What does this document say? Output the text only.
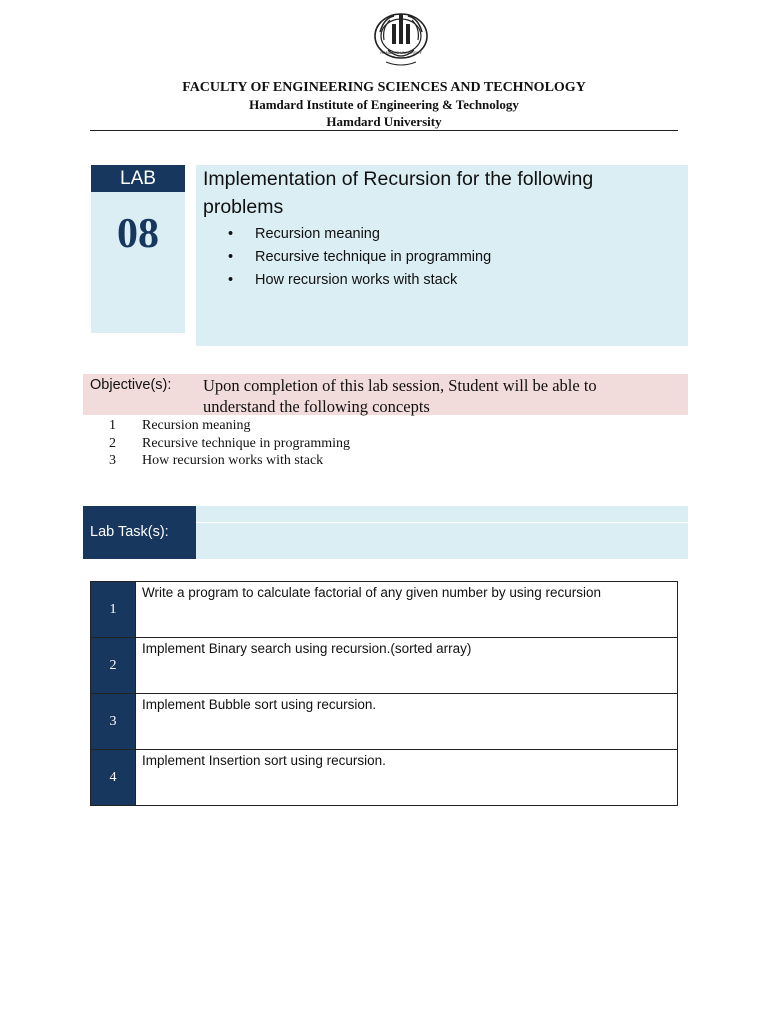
HAMDARD UNIVERSITY
FACULTY OF ENGINEERING SCIENCES AND TECHNOLOGY
Hamdard Institute of Engineering & Technology
Hamdard University
LAB
08
Implementation of Recursion for the following problems
• Recursion meaning
• Recursive technique in programming
• How recursion works with stack
Objective(s): Upon completion of this lab session, Student will be able to understand the following concepts
1 Recursion meaning
2 Recursive technique in programming
3 How recursion works with stack
Lab Task(s):
1	Write a program to calculate factorial of any given number by using recursion
2	Implement Binary search using recursion.(sorted array)
3	Implement Bubble sort using recursion.
4	Implement Insertion sort using recursion.
